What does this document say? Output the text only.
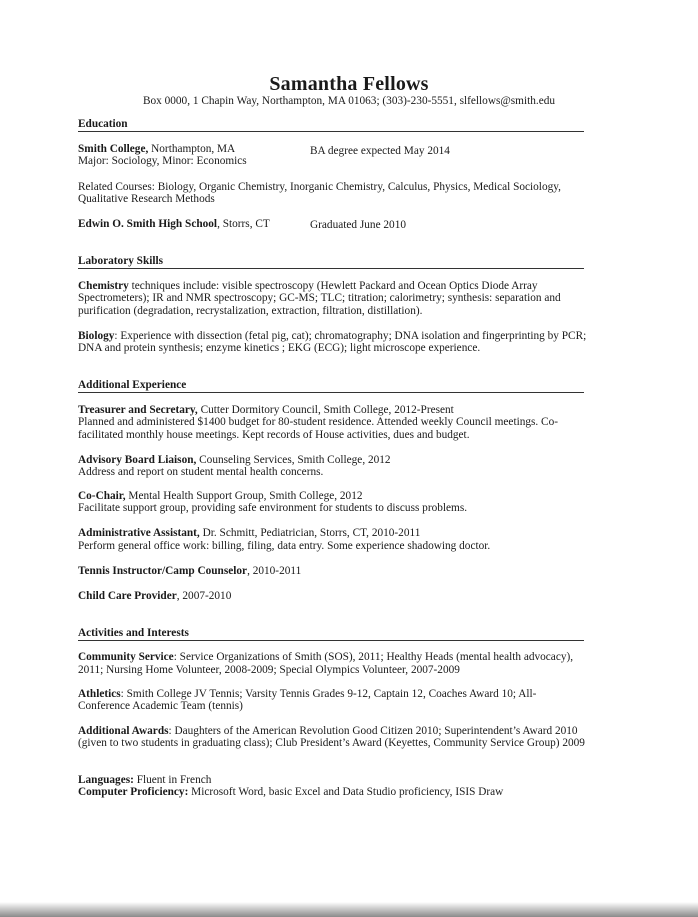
Samantha Fellows
Box 0000, 1 Chapin Way, Northampton, MA 01063; (303)-230-5551, slfellows@smith.edu
Education
Smith College, Northampton, MA	BA degree expected May 2014
Major: Sociology, Minor: Economics
Related Courses: Biology, Organic Chemistry, Inorganic Chemistry, Calculus, Physics, Medical Sociology,
Qualitative Research Methods
Edwin O. Smith High School, Storrs, CT	Graduated June 2010
Laboratory Skills
Chemistry techniques include: visible spectroscopy (Hewlett Packard and Ocean Optics Diode Array
Spectrometers); IR and NMR spectroscopy; GC-MS; TLC; titration; calorimetry; synthesis: separation and
purification (degradation, recrystalization, extraction, filtration, distillation).
Biology: Experience with dissection (fetal pig, cat); chromatography; DNA isolation and fingerprinting by PCR;
DNA and protein synthesis; enzyme kinetics ; EKG (ECG); light microscope experience.
Additional Experience
Treasurer and Secretary, Cutter Dormitory Council, Smith College, 2012-Present
Planned and administered $1400 budget for 80-student residence. Attended weekly Council meetings. Co-
facilitated monthly house meetings. Kept records of House activities, dues and budget.
Advisory Board Liaison, Counseling Services, Smith College, 2012
Address and report on student mental health concerns.
Co-Chair, Mental Health Support Group, Smith College, 2012
Facilitate support group, providing safe environment for students to discuss problems.
Administrative Assistant, Dr. Schmitt, Pediatrician, Storrs, CT, 2010-2011
Perform general office work: billing, filing, data entry. Some experience shadowing doctor.
Tennis Instructor/Camp Counselor, 2010-2011
Child Care Provider, 2007-2010
Activities and Interests
Community Service: Service Organizations of Smith (SOS), 2011; Healthy Heads (mental health advocacy),
2011; Nursing Home Volunteer, 2008-2009; Special Olympics Volunteer, 2007-2009
Athletics: Smith College JV Tennis; Varsity Tennis Grades 9-12, Captain 12, Coaches Award 10; All-
Conference Academic Team (tennis)
Additional Awards: Daughters of the American Revolution Good Citizen 2010; Superintendent’s Award 2010
(given to two students in graduating class); Club President’s Award (Keyettes, Community Service Group) 2009
Languages: Fluent in French
Computer Proficiency: Microsoft Word, basic Excel and Data Studio proficiency, ISIS Draw
